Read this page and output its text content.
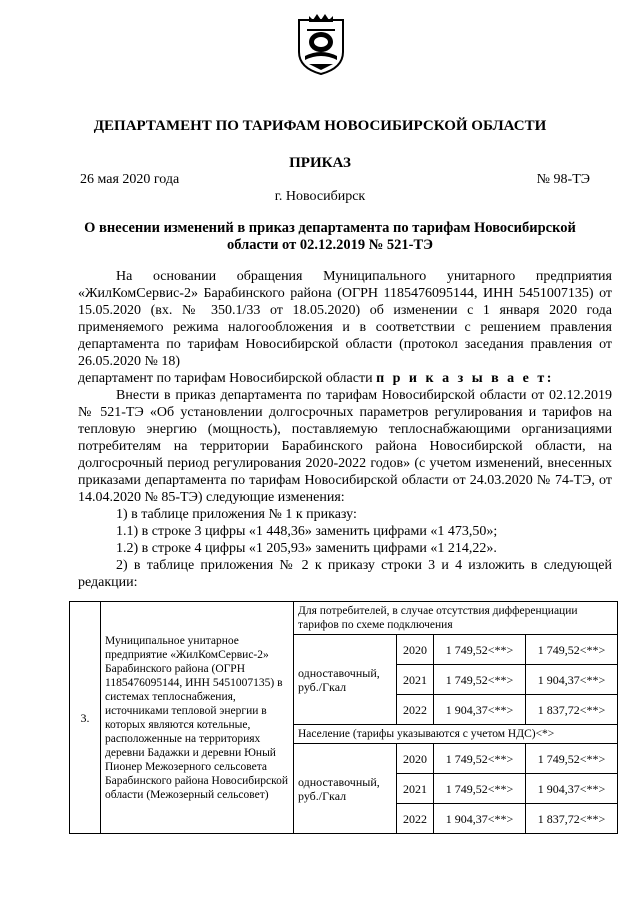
ДЕПАРТАМЕНТ ПО ТАРИФАМ НОВОСИБИРСКОЙ ОБЛАСТИ
ПРИКАЗ
26 мая 2020 года	№ 98-ТЭ
г. Новосибирск
О внесении изменений в приказ департамента по тарифам Новосибирской области от 02.12.2019 № 521-ТЭ

На основании обращения Муниципального унитарного предприятия «ЖилКомСервис-2» Барабинского района (ОГРН 1185476095144, ИНН 5451007135) от 15.05.2020 (вх. № 350.1/33 от 18.05.2020) об изменении с 1 января 2020 года применяемого режима налогообложения и в соответствии с решением правления департамента по тарифам Новосибирской области (протокол заседания правления от 26.05.2020 № 18)

департамент по тарифам Новосибирской области п р и к а з ы в а е т:

Внести в приказ департамента по тарифам Новосибирской области от 02.12.2019 № 521-ТЭ «Об установлении долгосрочных параметров регулирования и тарифов на тепловую энергию (мощность), поставляемую теплоснабжающими организациями потребителям на территории Барабинского района Новосибирской области, на долгосрочный период регулирования 2020-2022 годов» (с учетом изменений, внесенных приказами департамента по тарифам Новосибирской области от 24.03.2020 № 74-ТЭ, от 14.04.2020 № 85-ТЭ) следующие изменения:

1) в таблице приложения № 1 к приказу:

1.1) в строке 3 цифры «1 448,36» заменить цифрами «1 473,50»;

1.2) в строке 4 цифры «1 205,93» заменить цифрами «1 214,22».

2) в таблице приложения № 2 к приказу строки 3 и 4 изложить в следующей редакции:

3.	Муниципальное унитарное предприятие «ЖилКомСервис-2» Барабинского района (ОГРН 1185476095144, ИНН 5451007135) в системах теплоснабжения, источниками тепловой энергии в которых являются котельные, расположенные на территориях деревни Бадажки и деревни Юный Пионер Межозерного сельсовета Барабинского района Новосибирской области (Межозерный сельсовет)	Для потребителей, в случае отсутствия дифференциации тарифов по схеме подключения			
		одноставочный, руб./Гкал	2020	1 749,52<**>	1 749,52<**>
			2021	1 749,52<**>	1 904,37<**>
			2022	1 904,37<**>	1 837,72<**>
		Население (тарифы указываются с учетом НДС)<*>			
		одноставочный, руб./Гкал	2020	1 749,52<**>	1 749,52<**>
			2021	1 749,52<**>	1 904,37<**>
			2022	1 904,37<**>	1 837,72<**>
